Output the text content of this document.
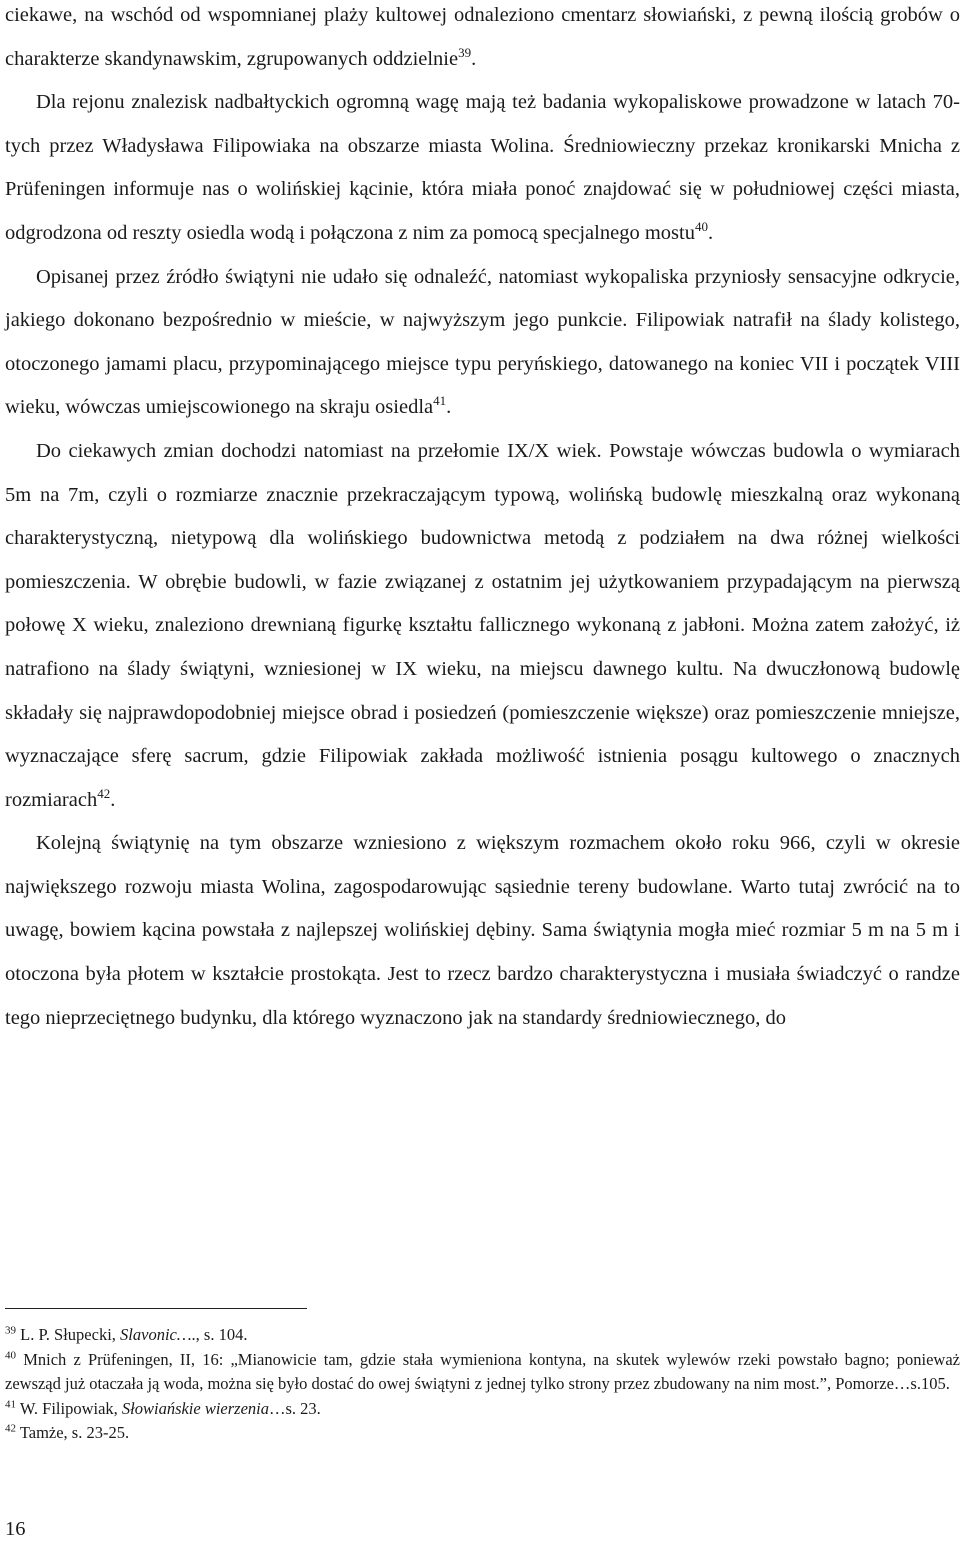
ciekawe, na wschód od wspomnianej plaży kultowej odnaleziono cmentarz słowiański, z pewną ilością grobów o charakterze skandynawskim, zgrupowanych oddzielnie$^{39}$.

Dla rejonu znalezisk nadbałtyckich ogromną wagę mają też badania wykopaliskowe prowadzone w latach 70-tych przez Władysława Filipowiaka na obszarze miasta Wolina. Średniowieczny przekaz kronikarski Mnicha z Prüfeningen informuje nas o wolińskiej kącinie, która miała ponoć znajdować się w południowej części miasta, odgrodzona od reszty osiedla wodą i połączona z nim za pomocą specjalnego mostu$^{40}$.

Opisanej przez źródło świątyni nie udało się odnaleźć, natomiast wykopaliska przyniosły sensacyjne odkrycie, jakiego dokonano bezpośrednio w mieście, w najwyższym jego punkcie. Filipowiak natrafił na ślady kolistego, otoczonego jamami placu, przypominającego miejsce typu peryńskiego, datowanego na koniec VII i początek VIII wieku, wówczas umiejscowionego na skraju osiedla$^{41}$.

Do ciekawych zmian dochodzi natomiast na przełomie IX/X wiek. Powstaje wówczas budowla o wymiarach 5m na 7m, czyli o rozmiarze znacznie przekraczającym typową, wolińską budowlę mieszkalną oraz wykonaną charakterystyczną, nietypową dla wolińskiego budownictwa metodą z podziałem na dwa różnej wielkości pomieszczenia. W obrębie budowli, w fazie związanej z ostatnim jej użytkowaniem przypadającym na pierwszą połowę X wieku, znaleziono drewnianą figurkę kształtu fallicznego wykonaną z jabłoni. Można zatem założyć, iż natrafiono na ślady świątyni, wzniesionej w IX wieku, na miejscu dawnego kultu. Na dwuczłonową budowlę składały się najprawdopodobniej miejsce obrad i posiedzeń (pomieszczenie większe) oraz pomieszczenie mniejsze, wyznaczające sferę sacrum, gdzie Filipowiak zakłada możliwość istnienia posągu kultowego o znacznych rozmiarach$^{42}$.

Kolejną świątynię na tym obszarze wzniesiono z większym rozmachem około roku 966, czyli w okresie największego rozwoju miasta Wolina, zagospodarowując sąsiednie tereny budowlane. Warto tutaj zwrócić na to uwagę, bowiem kącina powstała z najlepszej wolińskiej dębiny. Sama świątynia mogła mieć rozmiar 5 m na 5 m i otoczona była płotem w kształcie prostokąta. Jest to rzecz bardzo charakterystyczna i musiała świadczyć o randze tego nieprzeciętnego budynku, dla którego wyznaczono jak na standardy średniowiecznego, do

$^{39}$ L. P. Słupecki, Slavonic…., s. 104.

$^{40}$ Mnich z Prüfeningen, II, 16: „Mianowicie tam, gdzie stała wymieniona kontyna, na skutek wylewów rzeki powstało bagno; ponieważ zewsząd już otaczała ją woda, można się było dostać do owej świątyni z jednej tylko strony przez zbudowany na nim most.”, Pomorze…s.105.

$^{41}$ W. Filipowiak, Słowiańskie wierzenia…s. 23.

$^{42}$ Tamże, s. 23-25.

16
